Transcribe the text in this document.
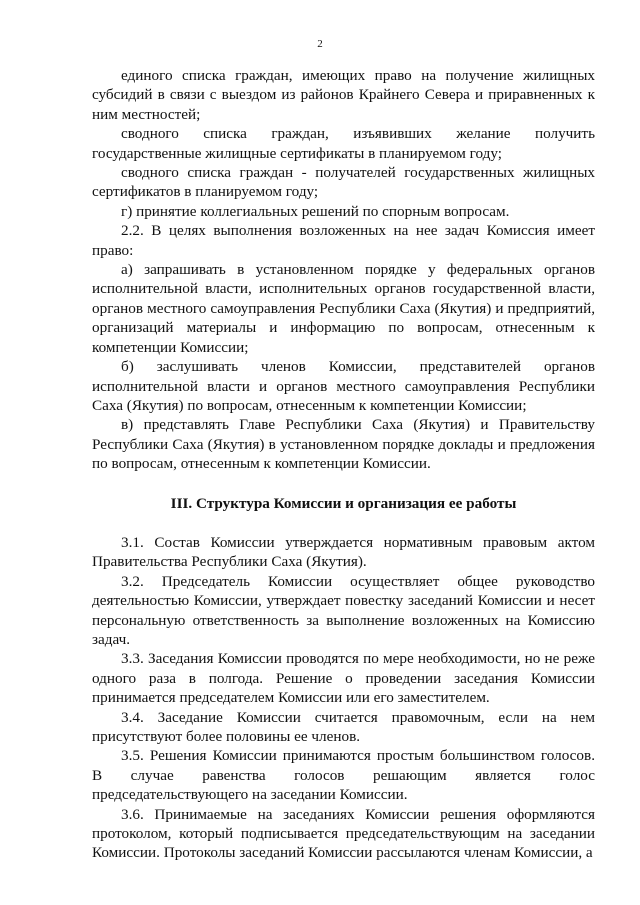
2

единого списка граждан, имеющих право на получение жилищных субсидий в связи с выездом из районов Крайнего Севера и приравненных к ним местностей;

сводного списка граждан, изъявивших желание получить государственные жилищные сертификаты в планируемом году;

сводного списка граждан - получателей государственных жилищных сертификатов в планируемом году;

г) принятие коллегиальных решений по спорным вопросам.

2.2. В целях выполнения возложенных на нее задач Комиссия имеет право:

а) запрашивать в установленном порядке у федеральных органов исполнительной власти, исполнительных органов государственной власти, органов местного самоуправления Республики Саха (Якутия) и предприятий, организаций материалы и информацию по вопросам, отнесенным к компетенции Комиссии;

б) заслушивать членов Комиссии, представителей органов исполнительной власти и органов местного самоуправления Республики Саха (Якутия) по вопросам, отнесенным к компетенции Комиссии;

в) представлять Главе Республики Саха (Якутия) и Правительству Республики Саха (Якутия) в установленном порядке доклады и предложения по вопросам, отнесенным к компетенции Комиссии.

III. Структура Комиссии и организация ее работы

3.1. Состав Комиссии утверждается нормативным правовым актом Правительства Республики Саха (Якутия).

3.2. Председатель Комиссии осуществляет общее руководство деятельностью Комиссии, утверждает повестку заседаний Комиссии и несет персональную ответственность за выполнение возложенных на Комиссию задач.

3.3. Заседания Комиссии проводятся по мере необходимости, но не реже одного раза в полгода. Решение о проведении заседания Комиссии принимается председателем Комиссии или его заместителем.

3.4. Заседание Комиссии считается правомочным, если на нем присутствуют более половины ее членов.

3.5. Решения Комиссии принимаются простым большинством голосов. В случае равенства голосов решающим является голос председательствующего на заседании Комиссии.

3.6. Принимаемые на заседаниях Комиссии решения оформляются протоколом, который подписывается председательствующим на заседании Комиссии. Протоколы заседаний Комиссии рассылаются членам Комиссии, а
